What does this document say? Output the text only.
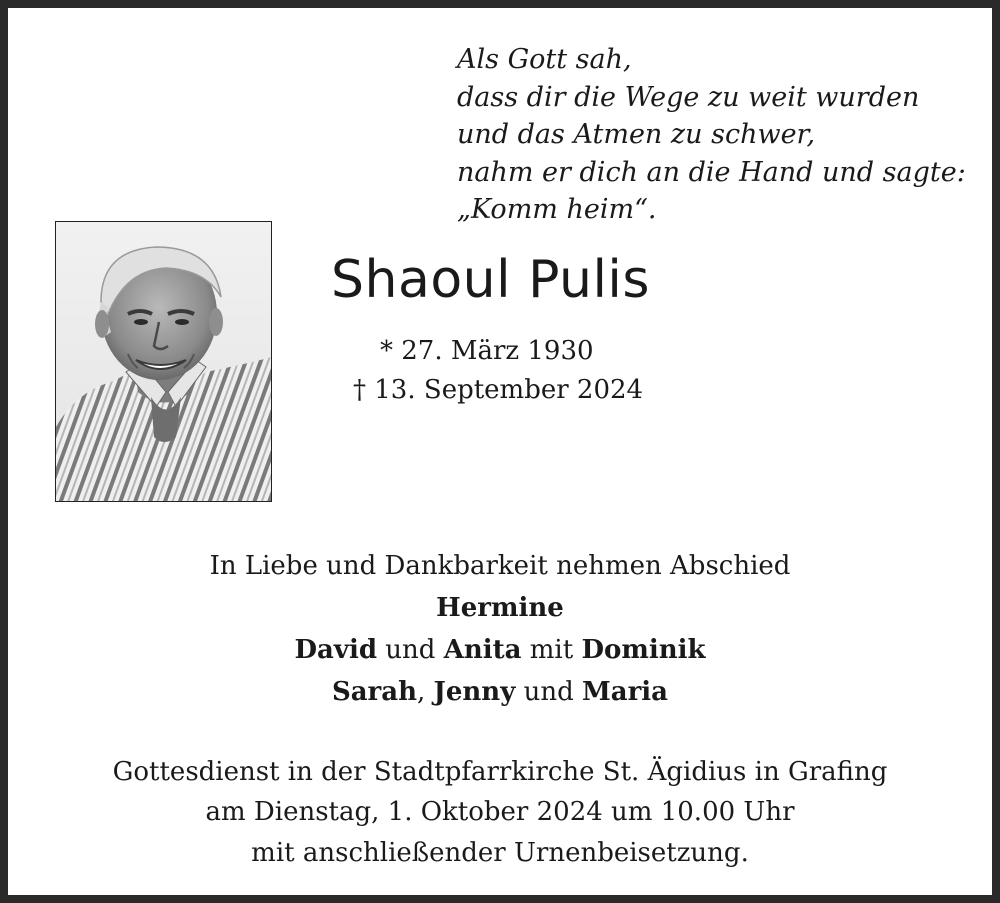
Als Gott sah,
dass dir die Wege zu weit wurden
und das Atmen zu schwer,
nahm er dich an die Hand und sagte:
„Komm heim“.
Shaoul Pulis
* 27. März 1930
† 13. September 2024
In Liebe und Dankbarkeit nehmen Abschied
Hermine
David und Anita mit Dominik
Sarah, Jenny und Maria
Gottesdienst in der Stadtpfarrkirche St. Ägidius in Grafing
am Dienstag, 1. Oktober 2024 um 10.00 Uhr
mit anschließender Urnenbeisetzung.
